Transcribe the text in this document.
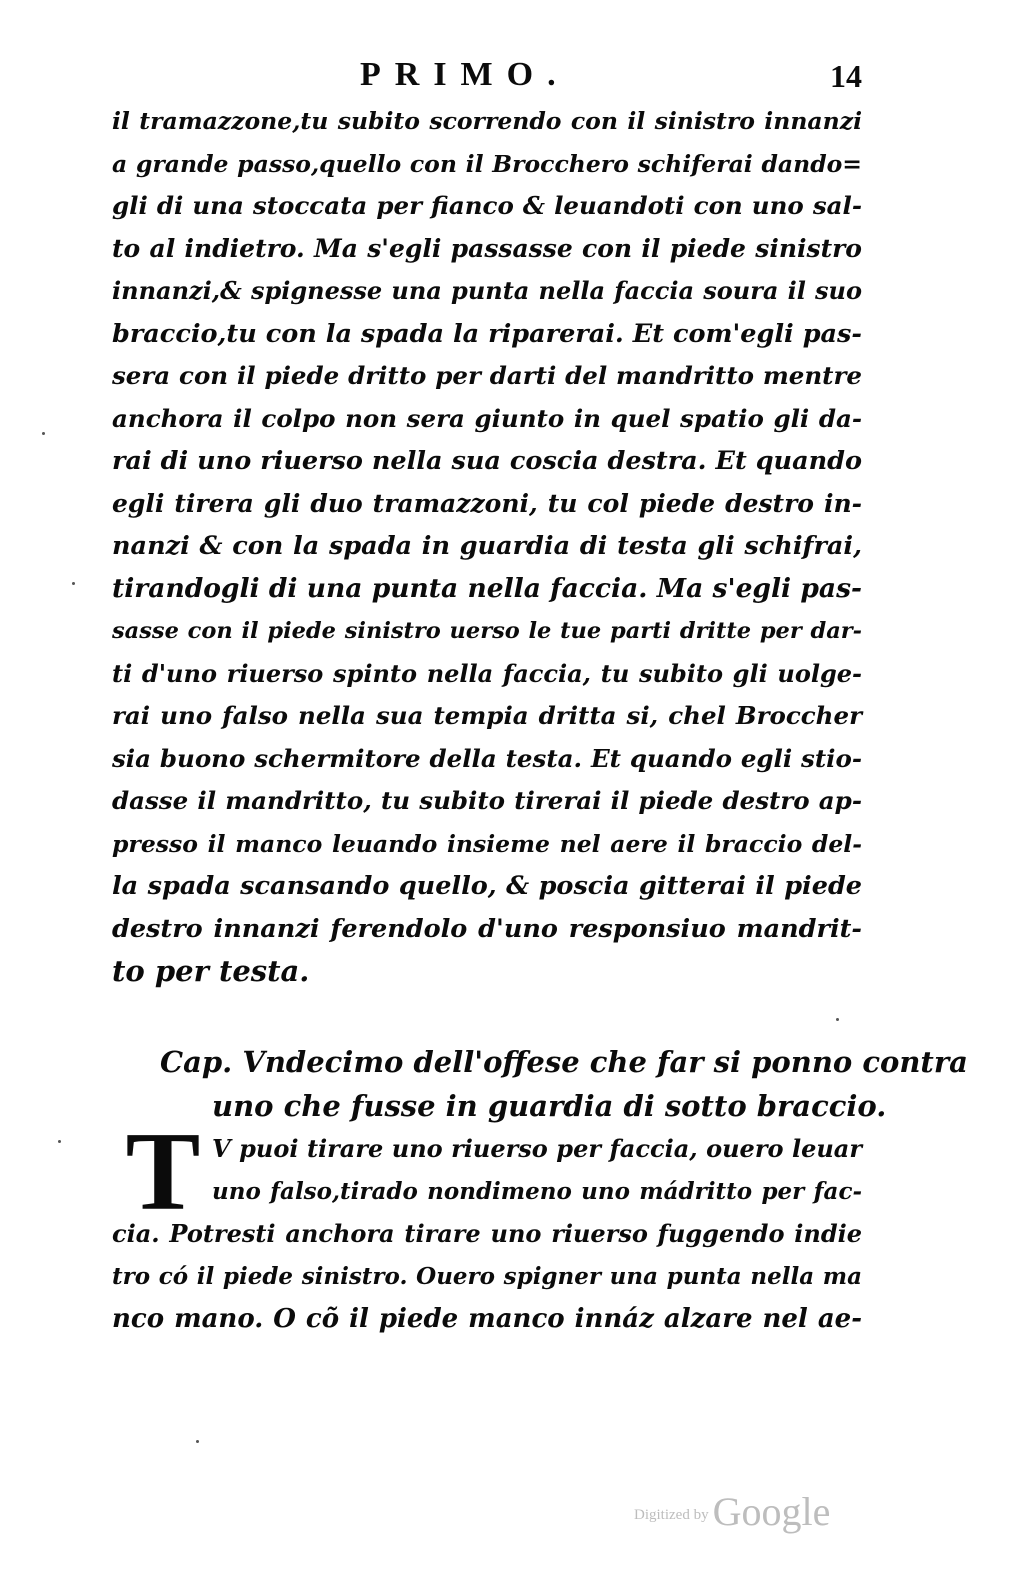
PRIMO.	14
il tramazzone,tu subito scorrendo con il sinistro innanzi
a grande passo,quello con il Brocchero schiferai dando=
gli di una stoccata per fianco & leuandoti con uno sal-
to al indietro. Ma s'egli passasse con il piede sinistro
innanzi,& spignesse una punta nella faccia soura il suo
braccio,tu con la spada la riparerai. Et com'egli pas-
sera con il piede dritto per darti del mandritto mentre
anchora il colpo non sera giunto in quel spatio gli da-
rai di uno riuerso nella sua coscia destra. Et quando
egli tirera gli duo tramazzoni, tu col piede destro in-
nanzi & con la spada in guardia di testa gli schifrai,
tirandogli di una punta nella faccia. Ma s'egli pas-
sasse con il piede sinistro uerso le tue parti dritte per dar-
ti d'uno riuerso spinto nella faccia, tu subito gli uolge-
rai uno falso nella sua tempia dritta si, chel Broccher
sia buono schermitore della testa. Et quando egli stio-
dasse il mandritto, tu subito tirerai il piede destro ap-
presso il manco leuando insieme nel aere il braccio del-
la spada scansando quello, & poscia gitterai il piede
destro innanzi ferendolo d'uno responsiuo mandrit-
to per testa.
Cap. Vndecimo dell'offese che far si ponno contra
uno che fusse in guardia di sotto braccio.
T V puoi tirare uno riuerso per faccia, ouero leuar
uno falso,tirado nondimeno uno mádritto per fac-
cia. Potresti anchora tirare uno riuerso fuggendo indie
tro có il piede sinistro. Ouero spigner una punta nella ma
nco mano. O cõ il piede manco innáz alzare nel ae-
Digitized by Google
